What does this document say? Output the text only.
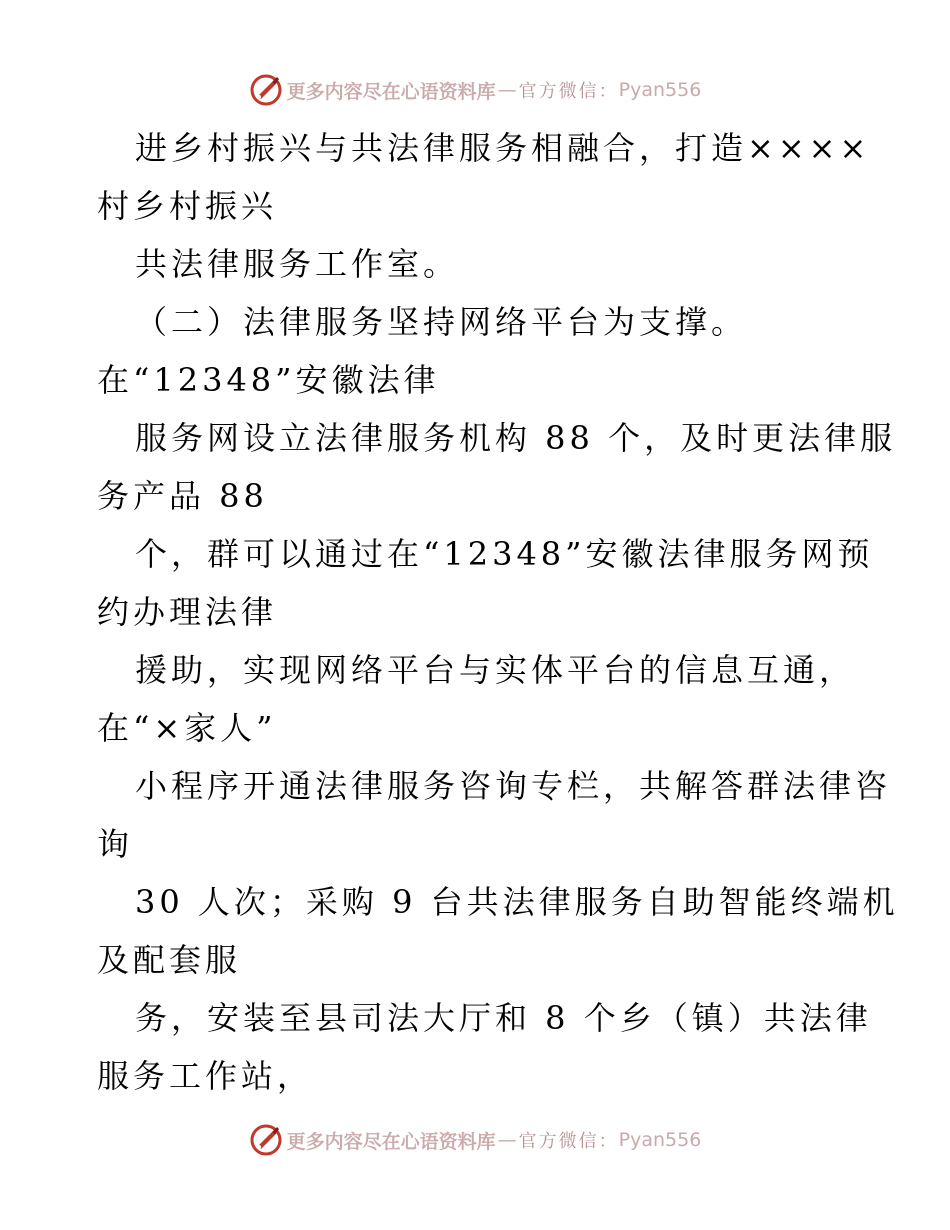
更多内容尽在心语资料库 — 官方微信： Pyan556
进乡村振兴与共法律服务相融合，打造××××
村乡村振兴
共法律服务工作室。
（二）法律服务坚持网络平台为支撑。
在“12348”安徽法律
服务网设立法律服务机构 88 个，及时更法律服
务产品 88
个，群可以通过在“12348”安徽法律服务网预
约办理法律
援助，实现网络平台与实体平台的信息互通，
在“×家人”
小程序开通法律服务咨询专栏，共解答群法律咨
询
30 人次；采购 9 台共法律服务自助智能终端机
及配套服
务，安装至县司法大厅和 8 个乡（镇）共法律
服务工作站，
更多内容尽在心语资料库 — 官方微信： Pyan556
